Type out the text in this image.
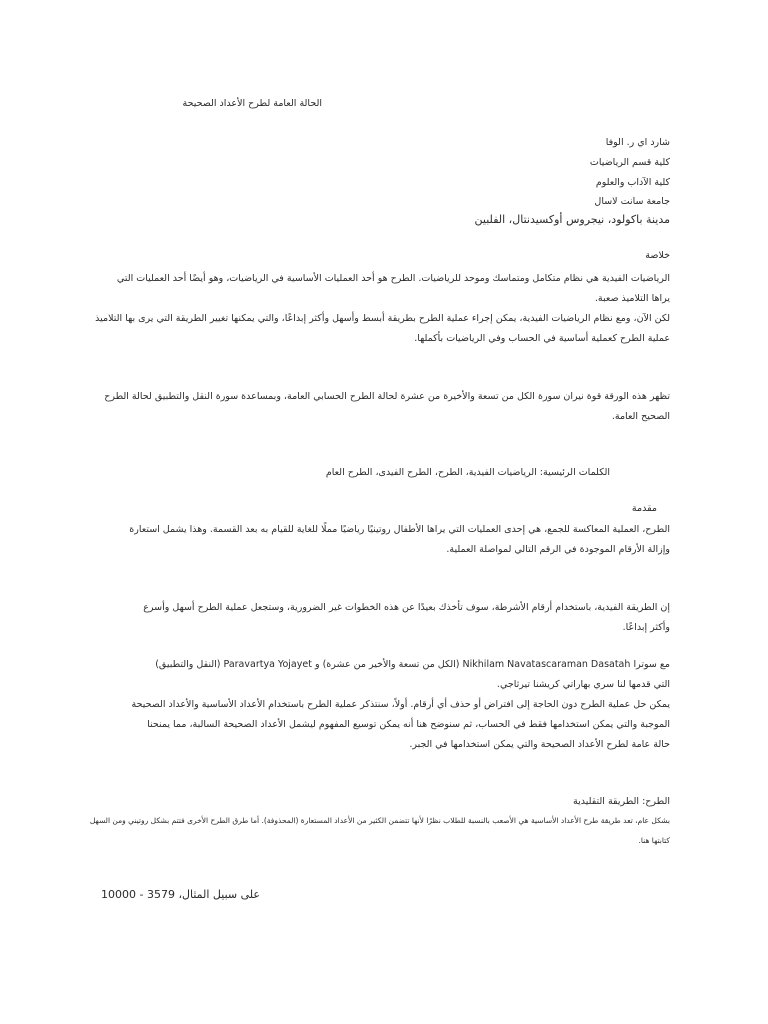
الحالة العامة لطرح الأعداد الصحيحة
شارد اي ر. الوفا
كلية قسم الرياضيات
كلية الآداب والعلوم
جامعة سانت لاسال
مدينة باكولود، نيجروس أوكسيدنتال، الفلبين
خلاصة
الرياضيات الفيدية هي نظام متكامل ومتماسك وموحد للرياضيات. الطرح هو أحد العمليات الأساسية في الرياضيات، وهو أيضًا أحد العمليات التي
يراها التلاميذ صعبة.
لكن الآن، ومع نظام الرياضيات الفيدية، يمكن إجراء عملية الطرح بطريقة أبسط وأسهل وأكثر إبداعًا، والتي يمكنها تغيير الطريقة التي يرى بها التلاميذ
عملية الطرح كعملية أساسية في الحساب وفي الرياضيات بأكملها.
تظهر هذه الورقة قوة نيران سورة الكل من تسعة والأخيرة من عشرة لحالة الطرح الحسابي العامة، وبمساعدة سورة النقل والتطبيق لحالة الطرح
الصحيح العامة.
الكلمات الرئيسية: الرياضيات الفيدية، الطرح، الطرح الفيدى، الطرح العام
مقدمة
الطرح، العملية المعاكسة للجمع، هي إحدى العمليات التي يراها الأطفال روتينيًا رياضيًا مملًا للغاية للقيام به بعد القسمة. وهذا يشمل استعارة
وإزالة الأرقام الموجودة في الرقم التالي لمواصلة العملية.
إن الطريقة الفيدية، باستخدام أرقام الأشرطة، سوف تأخذك بعيدًا عن هذه الخطوات غير الضرورية، وستجعل عملية الطرح أسهل وأسرع
وأكثر إبداعًا.
مع سوترا Nikhilam Navatascaraman Dasatah (الكل من تسعة والأخير من عشرة) و Paravartya Yojayet (النقل والتطبيق)
التي قدمها لنا سري بهاراتي كريشنا تيرثاجي.
يمكن حل عملية الطرح دون الحاجة إلى افتراض أو حذف أي أرقام. أولاً، سنتذكر عملية الطرح باستخدام الأعداد الأساسية والأعداد الصحيحة
الموجبة والتي يمكن استخدامها فقط في الحساب، ثم سنوضح هنا أنه يمكن توسيع المفهوم ليشمل الأعداد الصحيحة السالبة، مما يمنحنا
حالة عامة لطرح الأعداد الصحيحة والتي يمكن استخدامها في الجبر.
الطرح: الطريقة التقليدية
بشكل عام، تعد طريقة طرح الأعداد الأساسية هي الأصعب بالنسبة للطلاب نظرًا لأنها تتضمن الكثير من الأعداد المستعارة (المحذوفة). أما طرق الطرح الأخرى فتتم بشكل روتيني ومن السهل
كتابتها هنا.
على سبيل المثال، 10000 - 3579
